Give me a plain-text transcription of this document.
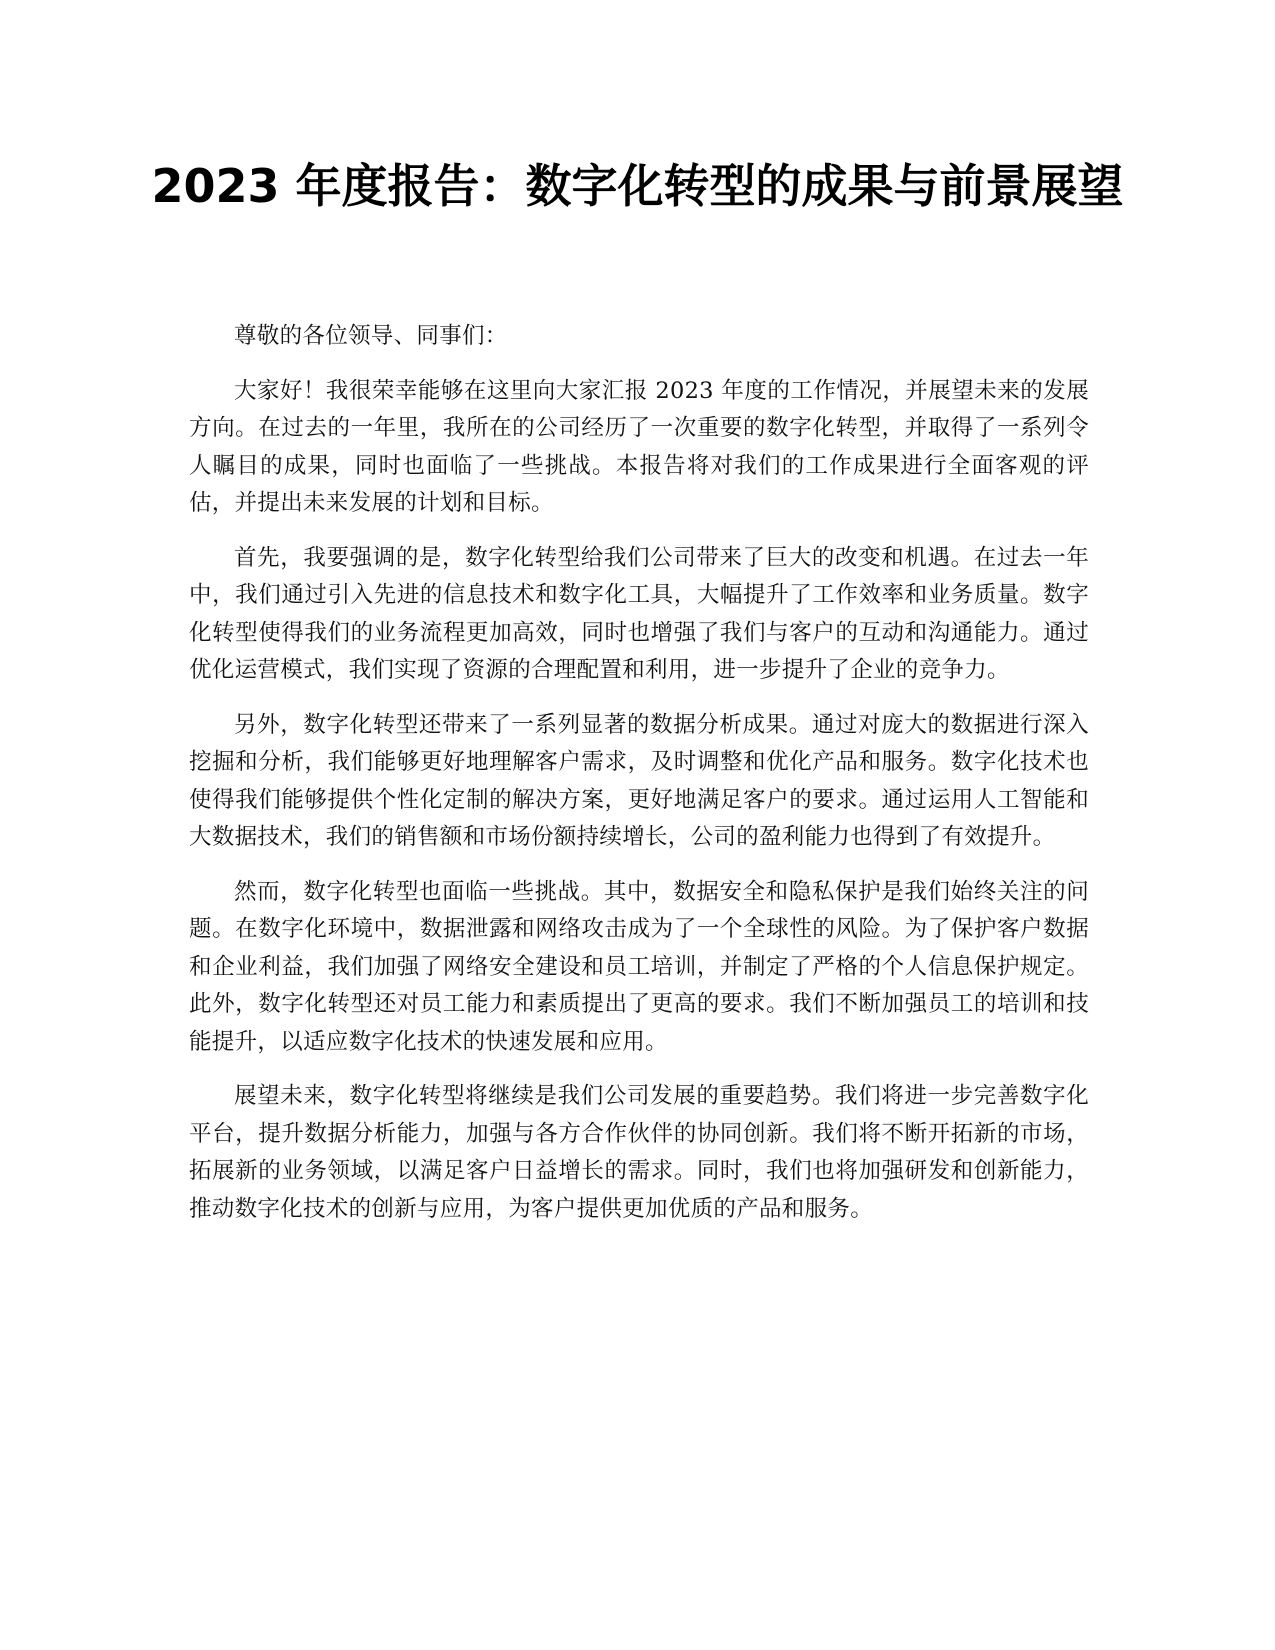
2023 年度报告：数字化转型的成果与前景展望

尊敬的各位领导、同事们：

大家好！我很荣幸能够在这里向大家汇报 2023 年度的工作情况，并展望未来的发展方向。在过去的一年里，我所在的公司经历了一次重要的数字化转型，并取得了一系列令人瞩目的成果，同时也面临了一些挑战。本报告将对我们的工作成果进行全面客观的评估，并提出未来发展的计划和目标。

首先，我要强调的是，数字化转型给我们公司带来了巨大的改变和机遇。在过去一年中，我们通过引入先进的信息技术和数字化工具，大幅提升了工作效率和业务质量。数字化转型使得我们的业务流程更加高效，同时也增强了我们与客户的互动和沟通能力。通过优化运营模式，我们实现了资源的合理配置和利用，进一步提升了企业的竞争力。

另外，数字化转型还带来了一系列显著的数据分析成果。通过对庞大的数据进行深入挖掘和分析，我们能够更好地理解客户需求，及时调整和优化产品和服务。数字化技术也使得我们能够提供个性化定制的解决方案，更好地满足客户的要求。通过运用人工智能和大数据技术，我们的销售额和市场份额持续增长，公司的盈利能力也得到了有效提升。

然而，数字化转型也面临一些挑战。其中，数据安全和隐私保护是我们始终关注的问题。在数字化环境中，数据泄露和网络攻击成为了一个全球性的风险。为了保护客户数据和企业利益，我们加强了网络安全建设和员工培训，并制定了严格的个人信息保护规定。此外，数字化转型还对员工能力和素质提出了更高的要求。我们不断加强员工的培训和技能提升，以适应数字化技术的快速发展和应用。

展望未来，数字化转型将继续是我们公司发展的重要趋势。我们将进一步完善数字化平台，提升数据分析能力，加强与各方合作伙伴的协同创新。我们将不断开拓新的市场，拓展新的业务领域，以满足客户日益增长的需求。同时，我们也将加强研发和创新能力，推动数字化技术的创新与应用，为客户提供更加优质的产品和服务。
